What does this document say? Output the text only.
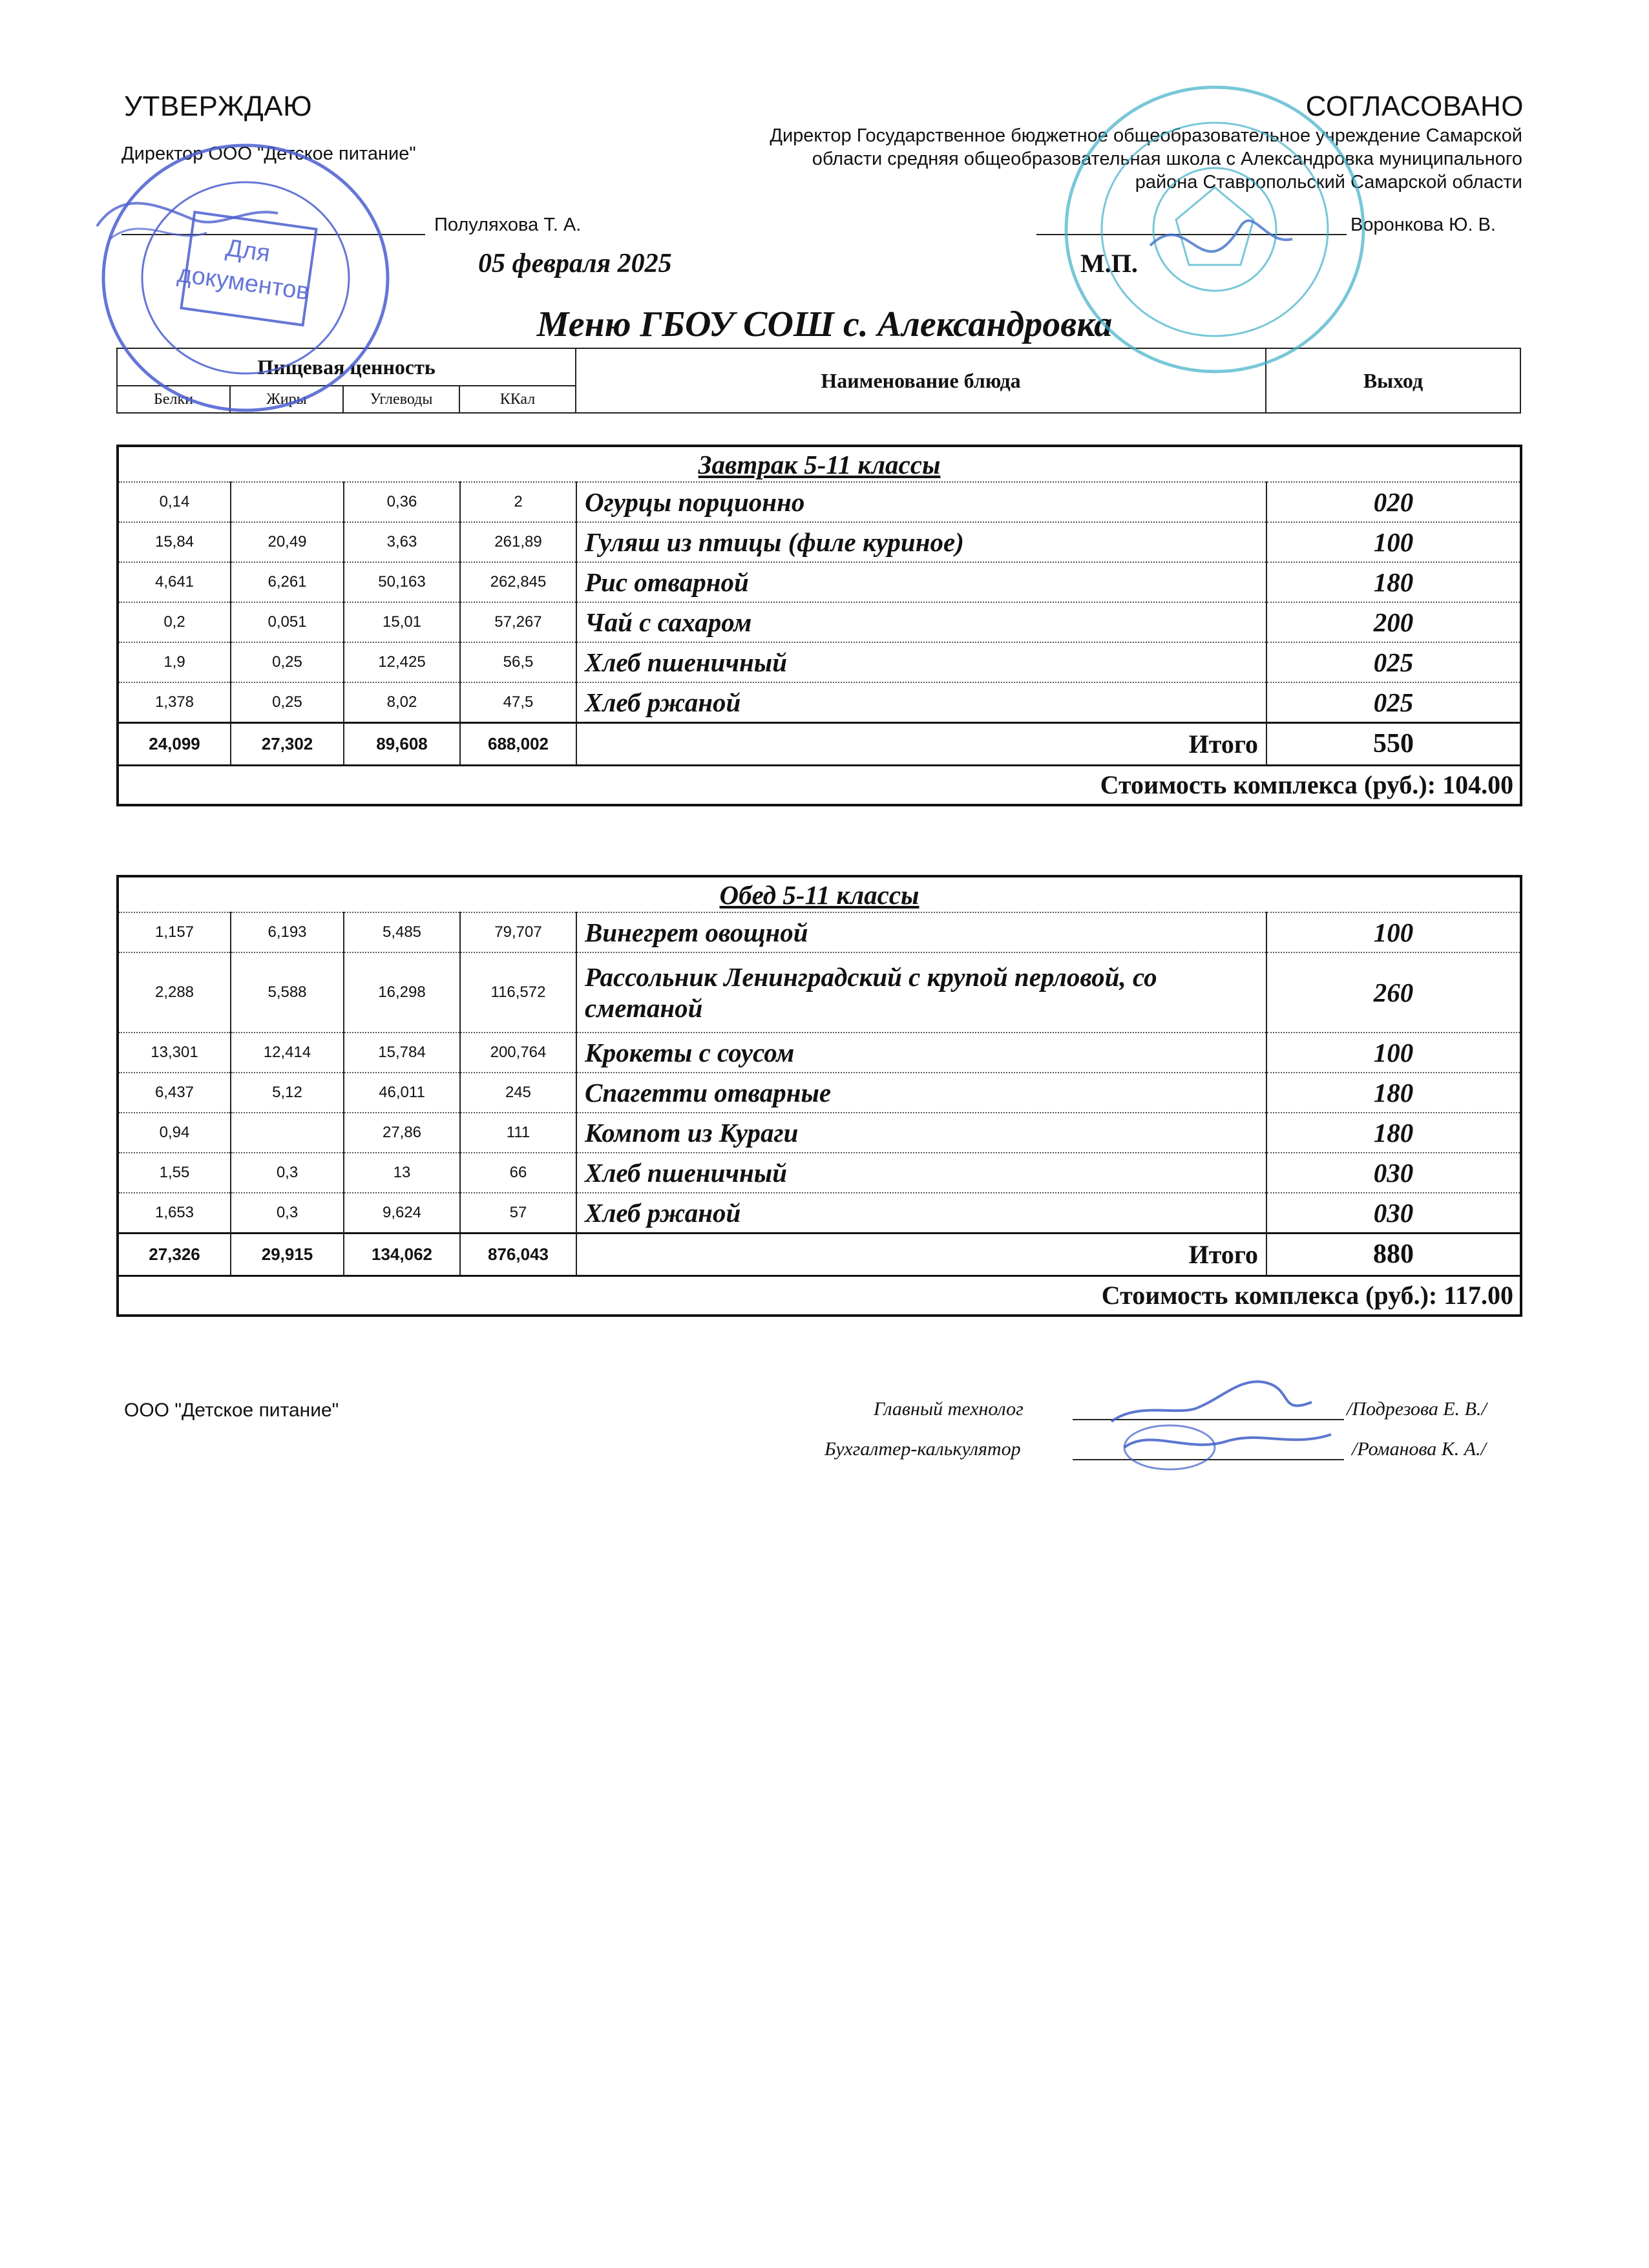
УТВЕРЖДАЮ
Директор ООО "Детское питание"
Полуляхова Т. А.
05 февраля 2025
СОГЛАСОВАНО
Директор Государственное бюджетное общеобразовательное учреждение Самарской
области средняя общеобразовательная школа с Александровка муниципального
района Ставропольский Самарской области
Воронкова Ю. В.
М.П.
Меню ГБОУ СОШ с. Александровка
Пищевая ценность				Наименование блюда	Выход
Белки	Жиры	Углеводы	ККал		
Завтрак 5-11 классы					
0,14		0,36	2	Огурцы порционно	020
15,84	20,49	3,63	261,89	Гуляш из птицы (филе куриное)	100
4,641	6,261	50,163	262,845	Рис отварной	180
0,2	0,051	15,01	57,267	Чай с сахаром	200
1,9	0,25	12,425	56,5	Хлеб пшеничный	025
1,378	0,25	8,02	47,5	Хлеб ржаной	025
24,099	27,302	89,608	688,002	Итого	550
Стоимость комплекса (руб.): 104.00					
Обед 5-11 классы					
1,157	6,193	5,485	79,707	Винегрет овощной	100
2,288	5,588	16,298	116,572	Рассольник Ленинградский с крупой перловой, со сметаной	260
13,301	12,414	15,784	200,764	Крокеты с соусом	100
6,437	5,12	46,011	245	Спагетти отварные	180
0,94		27,86	111	Компот из Кураги	180
1,55	0,3	13	66	Хлеб пшеничный	030
1,653	0,3	9,624	57	Хлеб ржаной	030
27,326	29,915	134,062	876,043	Итого	880
Стоимость комплекса (руб.): 117.00					
ООО "Детское питание"	Главный технолог	/Подрезова Е. В./
Бухгалтер-калькулятор	/Романова К. А./
Для
документов
